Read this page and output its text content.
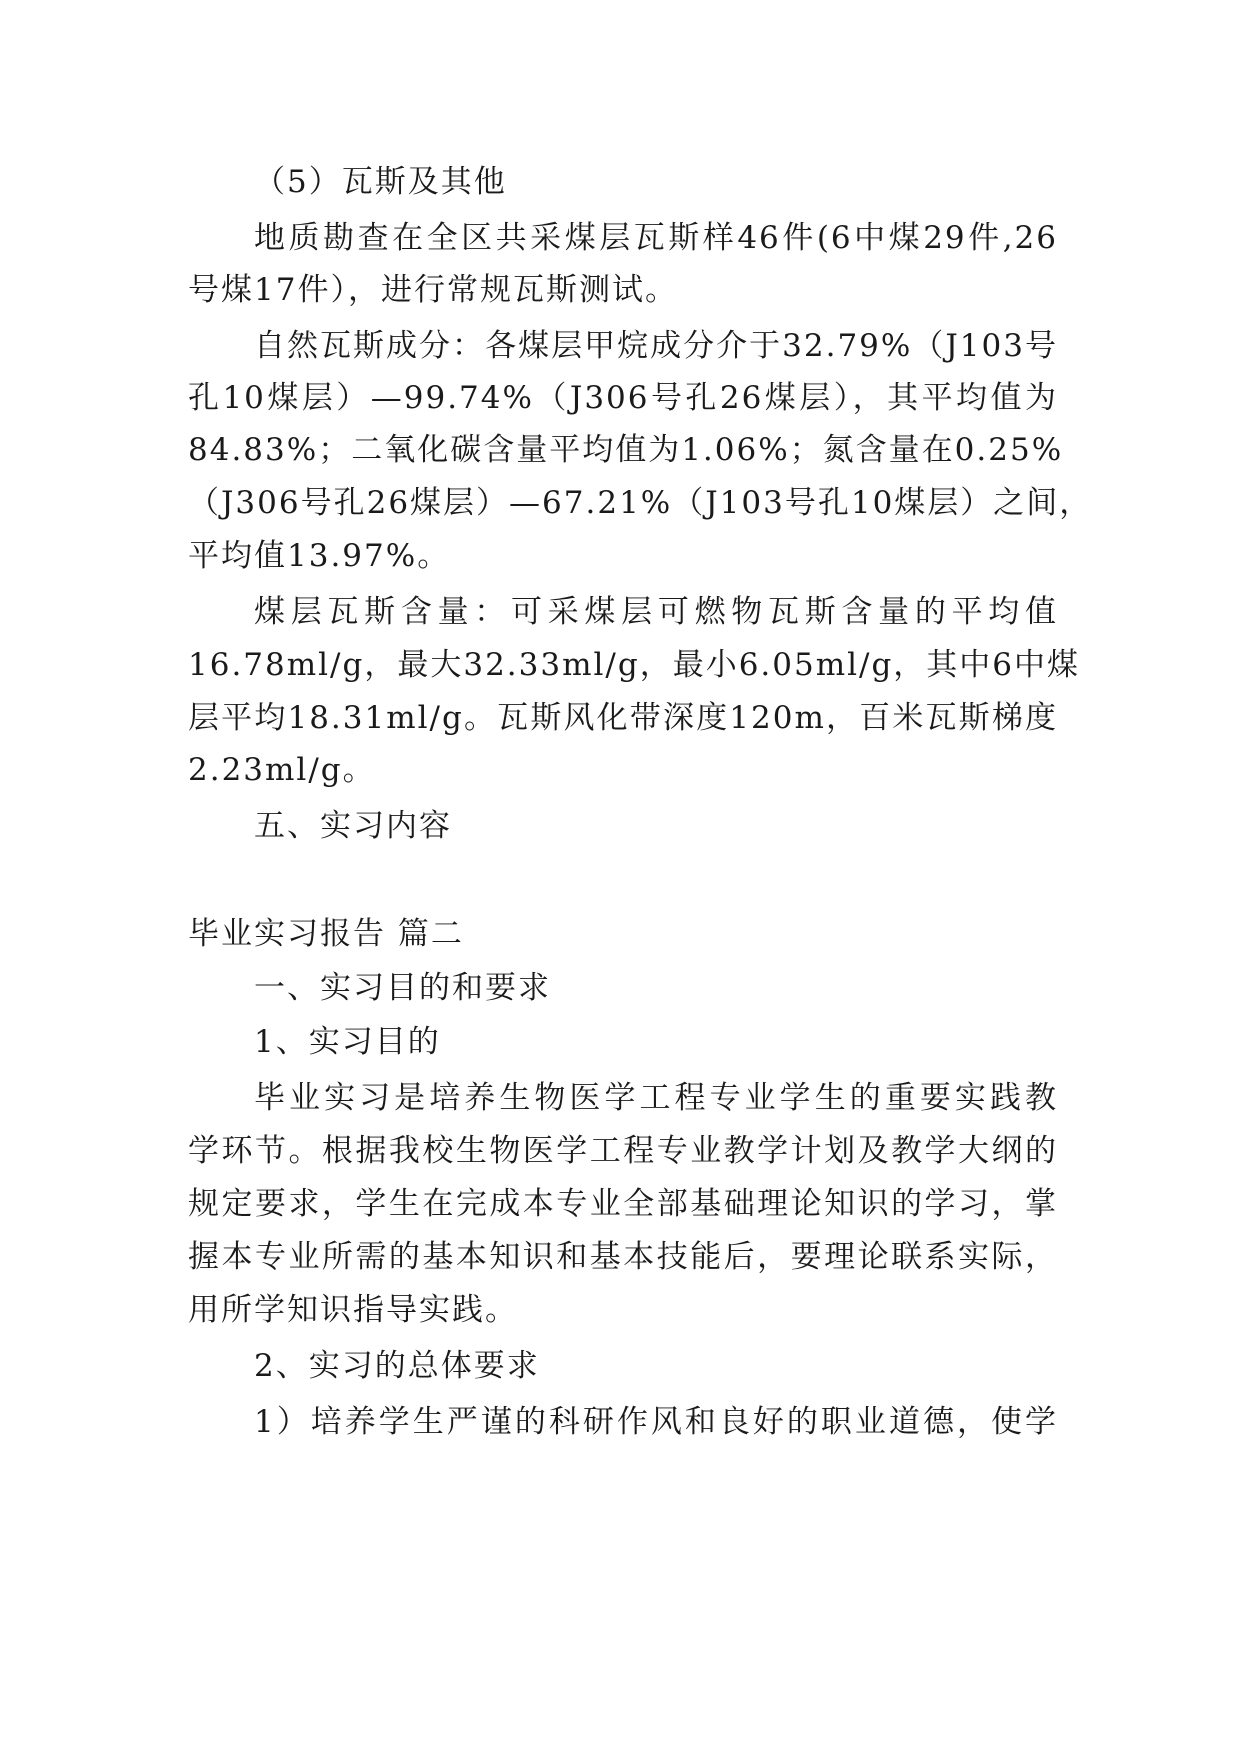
（5）瓦斯及其他
地质勘查在全区共采煤层瓦斯样46件(6中煤29件,26
号煤17件），进行常规瓦斯测试。
自然瓦斯成分：各煤层甲烷成分介于32.79%（J103号
孔10煤层）—99.74%（J306号孔26煤层），其平均值为
84.83%；二氧化碳含量平均值为1.06%；氮含量在0.25%
（J306号孔26煤层）—67.21%（J103号孔10煤层）之间，
平均值13.97%。
煤层瓦斯含量：可采煤层可燃物瓦斯含量的平均值
16.78ml/g，最大32.33ml/g，最小6.05ml/g，其中6中煤
层平均18.31ml/g。瓦斯风化带深度120m，百米瓦斯梯度
2.23ml/g。
五、实习内容
毕业实习报告 篇二
一、实习目的和要求
1、实习目的
毕业实习是培养生物医学工程专业学生的重要实践教
学环节。根据我校生物医学工程专业教学计划及教学大纲的
规定要求，学生在完成本专业全部基础理论知识的学习，掌
握本专业所需的基本知识和基本技能后，要理论联系实际，
用所学知识指导实践。
2、实习的总体要求
1）培养学生严谨的科研作风和良好的职业道德，使学
